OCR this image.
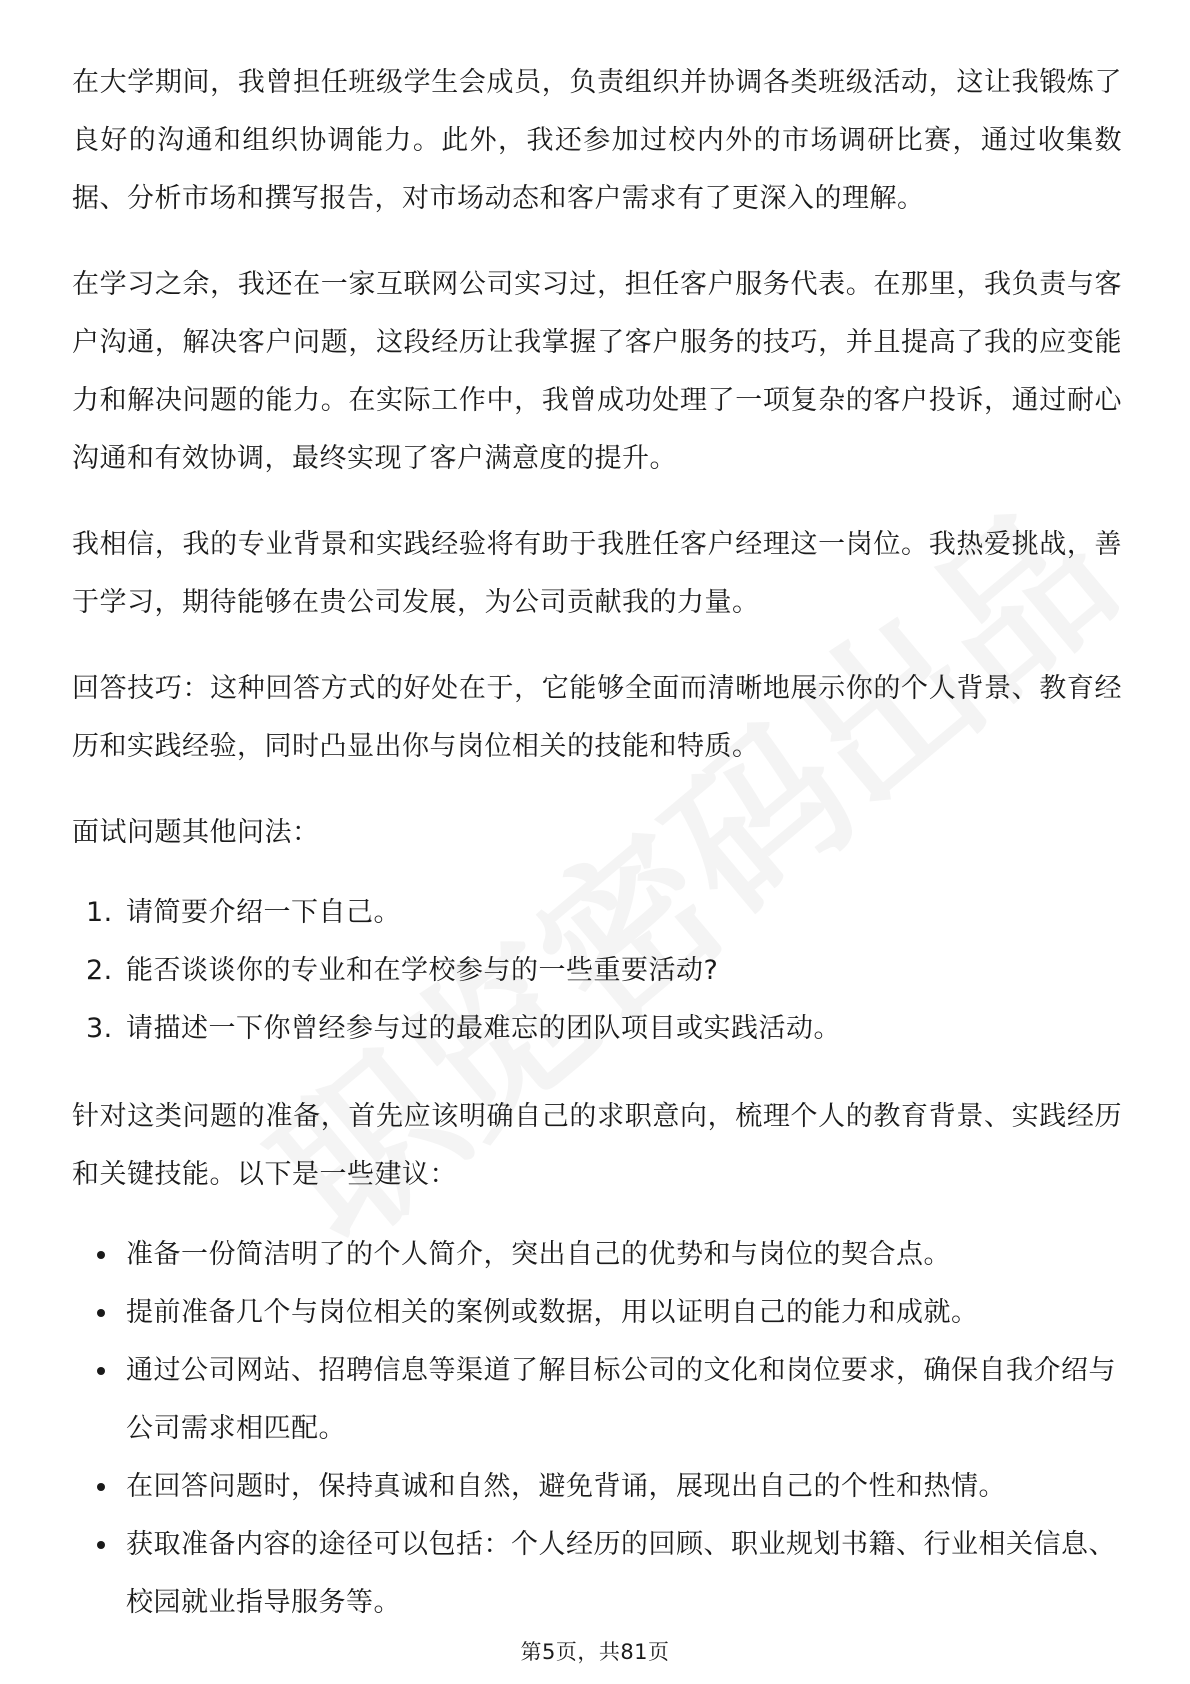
在大学期间，我曾担任班级学生会成员，负责组织并协调各类班级活动，这让我锻炼了良好的沟通和组织协调能力。此外，我还参加过校内外的市场调研比赛，通过收集数据、分析市场和撰写报告，对市场动态和客户需求有了更深入的理解。

在学习之余，我还在一家互联网公司实习过，担任客户服务代表。在那里，我负责与客户沟通，解决客户问题，这段经历让我掌握了客户服务的技巧，并且提高了我的应变能力和解决问题的能力。在实际工作中，我曾成功处理了一项复杂的客户投诉，通过耐心沟通和有效协调，最终实现了客户满意度的提升。

我相信，我的专业背景和实践经验将有助于我胜任客户经理这一岗位。我热爱挑战，善于学习，期待能够在贵公司发展，为公司贡献我的力量。

回答技巧：这种回答方式的好处在于，它能够全面而清晰地展示你的个人背景、教育经历和实践经验，同时凸显出你与岗位相关的技能和特质。

面试问题其他问法：

1. 请简要介绍一下自己。
2. 能否谈谈你的专业和在学校参与的一些重要活动?
3. 请描述一下你曾经参与过的最难忘的团队项目或实践活动。

针对这类问题的准备，首先应该明确自己的求职意向，梳理个人的教育背景、实践经历和关键技能。以下是一些建议：

准备一份简洁明了的个人简介，突出自己的优势和与岗位的契合点。
提前准备几个与岗位相关的案例或数据，用以证明自己的能力和成就。
通过公司网站、招聘信息等渠道了解目标公司的文化和岗位要求，确保自我介绍与公司需求相匹配。
在回答问题时，保持真诚和自然，避免背诵，展现出自己的个性和热情。
获取准备内容的途径可以包括：个人经历的回顾、职业规划书籍、行业相关信息、校园就业指导服务等。
第5页，共81页
